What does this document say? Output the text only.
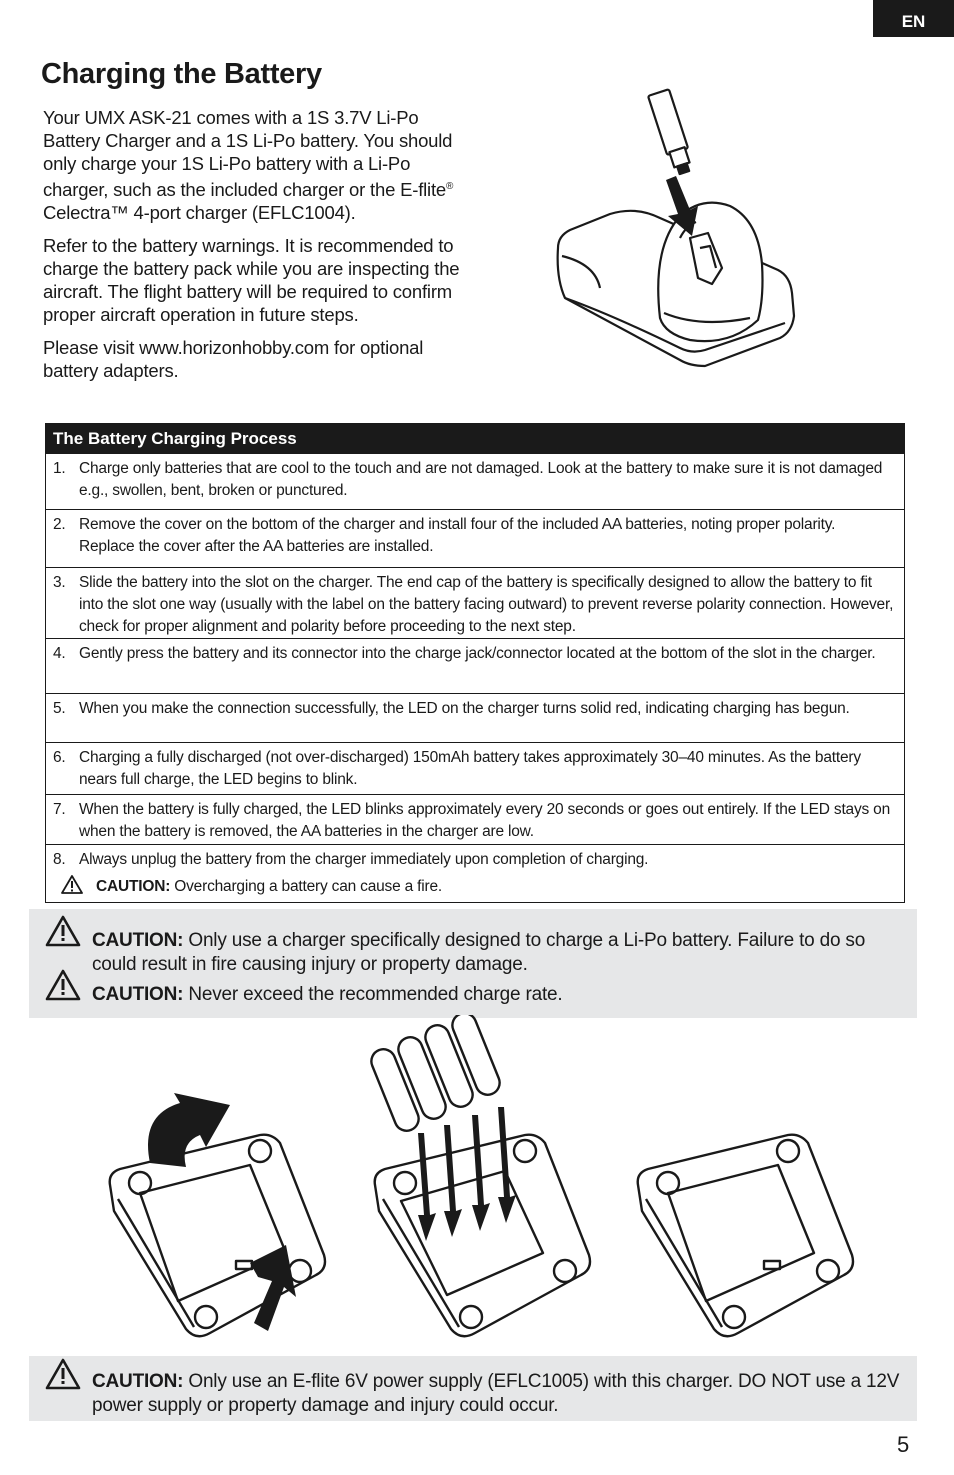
EN
Charging the Battery

Your UMX ASK-21 comes with a 1S 3.7V Li-Po Battery Charger and a 1S Li-Po battery. You should only charge your 1S Li-Po battery with a Li-Po charger, such as the included charger or the E-flite® Celectra™ 4-port charger (EFLC1004).

Refer to the battery warnings. It is recommended to charge the battery pack while you are inspecting the aircraft. The flight battery will be required to confirm proper aircraft operation in future steps.

Please visit www.horizonhobby.com for optional battery adapters.

The Battery Charging Process
1. Charge only batteries that are cool to the touch and are not damaged. Look at the battery to make sure it is not damaged e.g., swollen, bent, broken or punctured.
2. Remove the cover on the bottom of the charger and install four of the included AA batteries, noting proper polarity. Replace the cover after the AA batteries are installed.
3. Slide the battery into the slot on the charger. The end cap of the battery is specifically designed to allow the battery to fit into the slot one way (usually with the label on the battery facing outward) to prevent reverse polarity connection. However, check for proper alignment and polarity before proceeding to the next step.
4. Gently press the battery and its connector into the charge jack/connector located at the bottom of the slot in the charger.
5. When you make the connection successfully, the LED on the charger turns solid red, indicating charging has begun.
6. Charging a fully discharged (not over-discharged) 150mAh battery takes approximately 30–40 minutes. As the battery nears full charge, the LED begins to blink.
7. When the battery is fully charged, the LED blinks approximately every 20 seconds or goes out entirely. If the LED stays on when the battery is removed, the AA batteries in the charger are low.
8. Always unplug the battery from the charger immediately upon completion of charging.
CAUTION: Overcharging a battery can cause a fire.
CAUTION: Only use a charger specifically designed to charge a Li-Po battery. Failure to do so could result in fire causing injury or property damage.
CAUTION: Never exceed the recommended charge rate.
CAUTION: Only use an E-flite 6V power supply (EFLC1005) with this charger. DO NOT use a 12V power supply or property damage and injury could occur.
5
